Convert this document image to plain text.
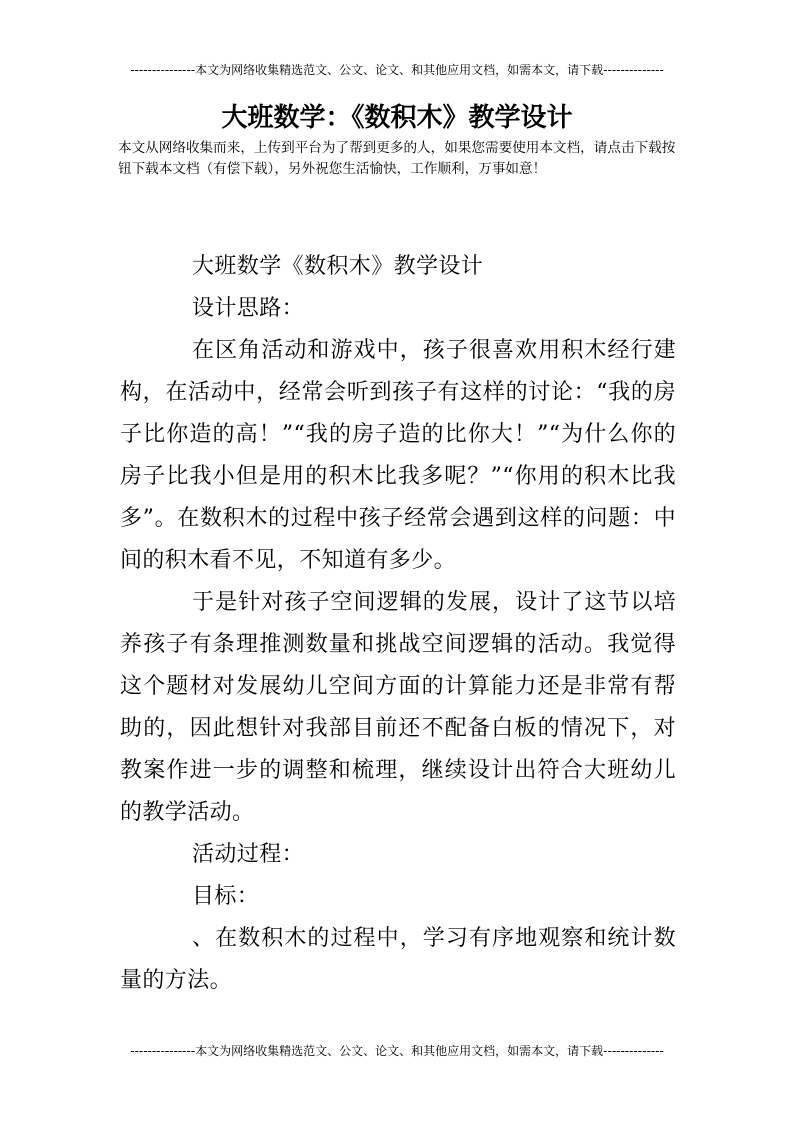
---------------本文为网络收集精选范文、公文、论文、和其他应用文档，如需本文，请下载--------------
大班数学：《数积木》教学设计
本文从网络收集而来，上传到平台为了帮到更多的人，如果您需要使用本文档，请点击下载按钮下载本文档（有偿下载），另外祝您生活愉快，工作顺利，万事如意！

大班数学《数积木》教学设计

设计思路：

在区角活动和游戏中，孩子很喜欢用积木经行建构，在活动中，经常会听到孩子有这样的讨论：“我的房子比你造的高！”“我的房子造的比你大！”“为什么你的房子比我小但是用的积木比我多呢？”“你用的积木比我多”。在数积木的过程中孩子经常会遇到这样的问题：中间的积木看不见，不知道有多少。

于是针对孩子空间逻辑的发展，设计了这节以培养孩子有条理推测数量和挑战空间逻辑的活动。我觉得这个题材对发展幼儿空间方面的计算能力还是非常有帮助的，因此想针对我部目前还不配备白板的情况下，对教案作进一步的调整和梳理，继续设计出符合大班幼儿的教学活动。

活动过程：

目标：

、在数积木的过程中，学习有序地观察和统计数量的方法。

---------------本文为网络收集精选范文、公文、论文、和其他应用文档，如需本文，请下载--------------
